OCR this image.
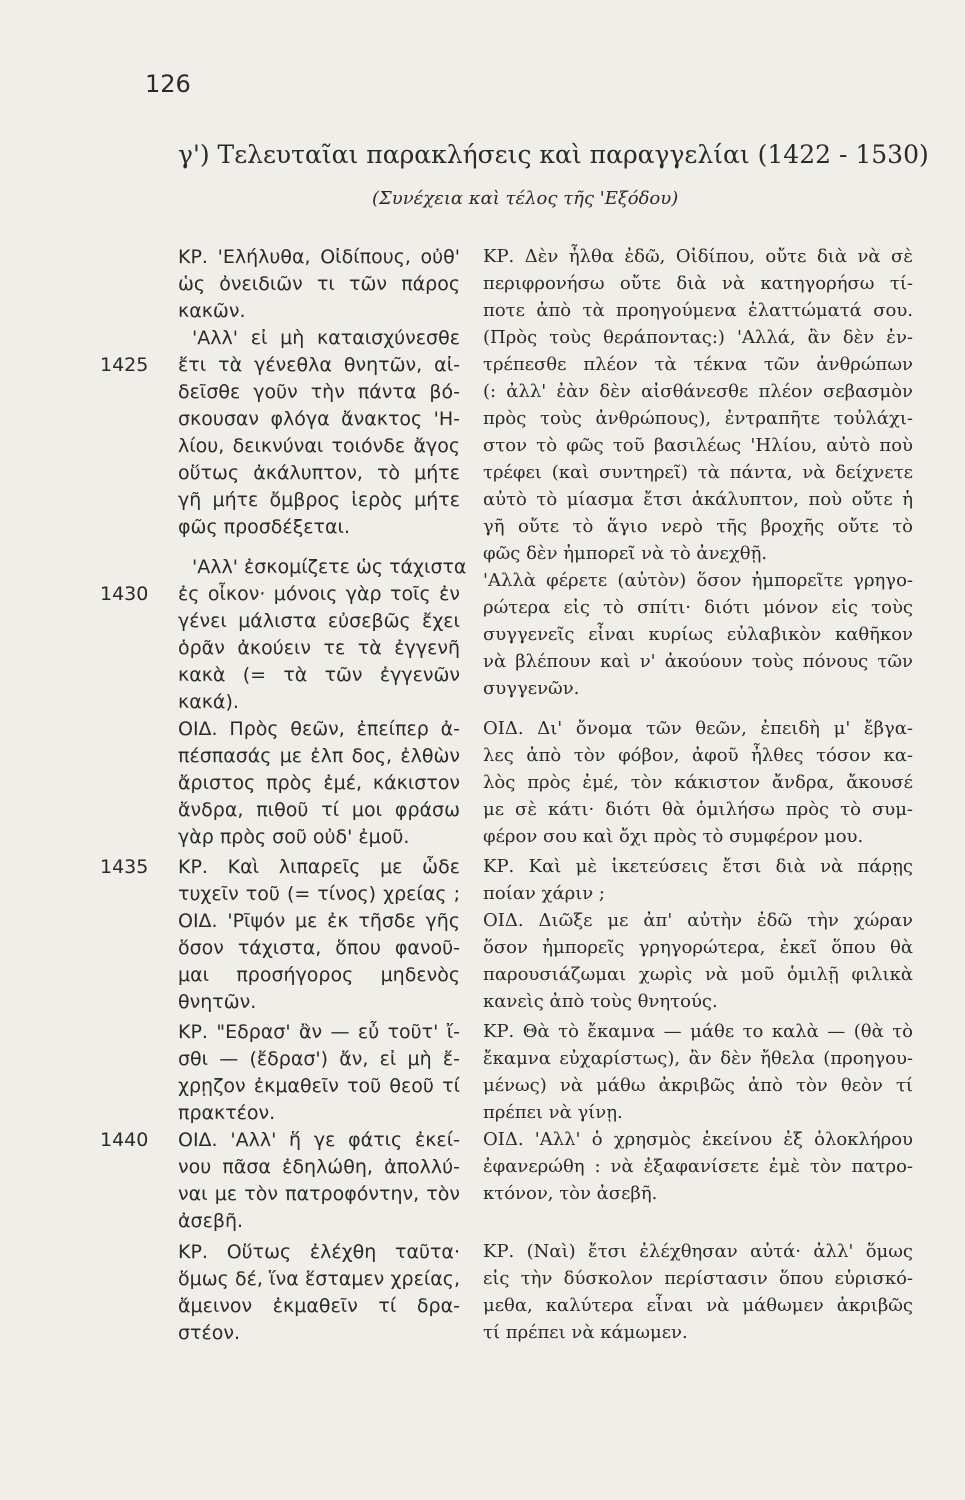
126
γ') Τελευταῖαι παρακλήσεις καὶ παραγγελίαι (1422 - 1530)
(Συνέχεια καὶ τέλος τῆς 'Εξόδου)
1425
1430
1435
1440
ΚΡ. 'Ελήλυθα, Οἰδίπους, οὐθ'
ὡς ὀνειδιῶν τι τῶν πάρος
κακῶν.
'Αλλ' εἰ μὴ καταισχύνεσθε
ἔτι τὰ γένεθλα θνητῶν, αἰ-
δεῖσθε γοῦν τὴν πάντα βό-
σκουσαν φλόγα ἄνακτος 'Η-
λίου, δεικνύναι τοιόνδε ἄγος
οὕτως ἀκάλυπτον, τὸ μήτε
γῆ μήτε ὄμβρος ἱερὸς μήτε
φῶς προσδέξεται.
'Αλλ' ἐσκομίζετε ὡς τάχιστα
ἐς οἶκον· μόνοις γὰρ τοῖς ἐν
γένει μάλιστα εὐσεβῶς ἔχει
ὁρᾶν ἀκούειν τε τὰ ἐγγενῆ
κακὰ (= τὰ τῶν ἐγγενῶν
κακά).
ΟΙΔ. Πρὸς θεῶν, ἐπείπερ ἀ-
πέσπασάς με ἐλπ δος, ἐλθὼν
ἄριστος πρὸς ἐμέ, κάκιστον
ἄνδρα, πιθοῦ τί μοι φράσω
γὰρ πρὸς σοῦ οὐδ' ἐμοῦ.
ΚΡ. Καὶ λιπαρεῖς με ὧδε
τυχεῖν τοῦ (= τίνος) χρείας ;
ΟΙΔ. 'Ρῖψόν με ἐκ τῆσδε γῆς
ὅσον τάχιστα, ὅπου φανοῦ-
μαι προσήγορος μηδενὸς
θνητῶν.
ΚΡ. "Εδρασ' ἂν — εὖ τοῦτ' ἴ-
σθι — (ἔδρασ') ἄν, εἰ μὴ ἔ-
χρῃζον ἐκμαθεῖν τοῦ θεοῦ τί
πρακτέον.
ΟΙΔ. 'Αλλ' ἥ γε φάτις ἐκεί-
νου πᾶσα ἐδηλώθη, ἀπολλύ-
ναι με τὸν πατροφόντην, τὸν
ἀσεβῆ.
ΚΡ. Οὕτως ἐλέχθη ταῦτα·
ὅμως δέ, ἵνα ἕσταμεν χρείας,
ἄμεινον ἐκμαθεῖν τί δρα-
στέον.
ΚΡ. Δὲν ἦλθα ἐδῶ, Οἰδίπου, οὔτε διὰ νὰ σὲ
περιφρονήσω οὔτε διὰ νὰ κατηγορήσω τί-
ποτε ἀπὸ τὰ προηγούμενα ἐλαττώματά σου.
(Πρὸς τοὺς θεράποντας:) 'Αλλά, ἂν δὲν ἐν-
τρέπεσθε πλέον τὰ τέκνα τῶν ἀνθρώπων
(: ἀλλ' ἐὰν δὲν αἰσθάνεσθε πλέον σεβασμὸν
πρὸς τοὺς ἀνθρώπους), ἐντραπῆτε τοὐλάχι-
στον τὸ φῶς τοῦ βασιλέως 'Ηλίου, αὐτὸ ποὺ
τρέφει (καὶ συντηρεῖ) τὰ πάντα, νὰ δείχνετε
αὐτὸ τὸ μίασμα ἔτσι ἀκάλυπτον, ποὺ οὔτε ἡ
γῆ οὔτε τὸ ἅγιο νερὸ τῆς βροχῆς οὔτε τὸ
φῶς δὲν ἠμπορεῖ νὰ τὸ ἀνεχθῇ.
'Αλλὰ φέρετε (αὐτὸν) ὅσον ἠμπορεῖτε γρηγο-
ρώτερα εἰς τὸ σπίτι· διότι μόνον εἰς τοὺς
συγγενεῖς εἶναι κυρίως εὐλαβικὸν καθῆκον
νὰ βλέπουν καὶ ν' ἀκούουν τοὺς πόνους τῶν
συγγενῶν.
ΟΙΔ. Δι' ὄνομα τῶν θεῶν, ἐπειδὴ μ' ἔβγα-
λες ἀπὸ τὸν φόβον, ἀφοῦ ἦλθες τόσον κα-
λὸς πρὸς ἐμέ, τὸν κάκιστον ἄνδρα, ἄκουσέ
με σὲ κάτι· διότι θὰ ὁμιλήσω πρὸς τὸ συμ-
φέρον σου καὶ ὄχι πρὸς τὸ συμφέρον μου.
ΚΡ. Καὶ μὲ ἱκετεύσεις ἔτσι διὰ νὰ πάρῃς
ποίαν χάριν ;
ΟΙΔ. Διῶξε με ἀπ' αὐτὴν ἐδῶ τὴν χώραν
ὅσον ἠμπορεῖς γρηγορώτερα, ἐκεῖ ὅπου θὰ
παρουσιάζωμαι χωρὶς νὰ μοῦ ὁμιλῇ φιλικὰ
κανεὶς ἀπὸ τοὺς θνητούς.
ΚΡ. Θὰ τὸ ἔκαμνα — μάθε το καλὰ — (θὰ τὸ
ἔκαμνα εὐχαρίστως), ἂν δὲν ἤθελα (προηγου-
μένως) νὰ μάθω ἀκριβῶς ἀπὸ τὸν θεὸν τί
πρέπει νὰ γίνῃ.
ΟΙΔ. 'Αλλ' ὁ χρησμὸς ἐκείνου ἐξ ὁλοκλήρου
ἐφανερώθη : νὰ ἐξαφανίσετε ἐμὲ τὸν πατρο-
κτόνον, τὸν ἀσεβῆ.
ΚΡ. (Ναὶ) ἔτσι ἐλέχθησαν αὐτά· ἀλλ' ὅμως
εἰς τὴν δύσκολον περίστασιν ὅπου εὑρισκό-
μεθα, καλύτερα εἶναι νὰ μάθωμεν ἀκριβῶς
τί πρέπει νὰ κάμωμεν.
